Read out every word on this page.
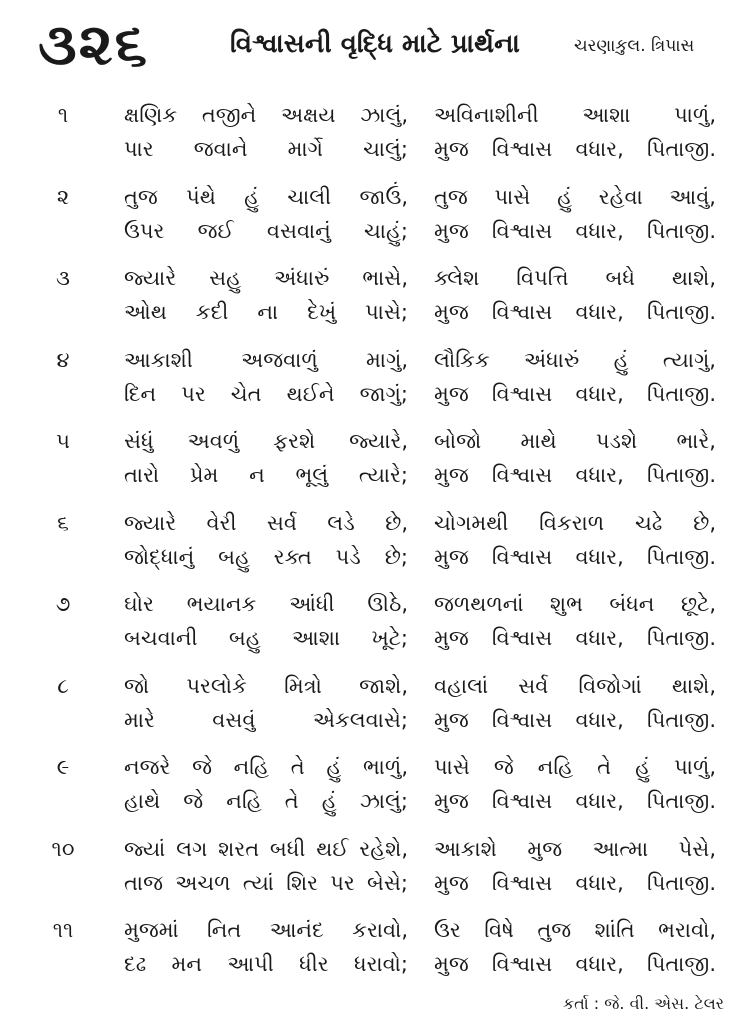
૩૨૬	વિશ્વાસની વૃદ્ધિ માટે પ્રાર્થના	ચરણાકુલ. ત્રિપાસ
૧	ક્ષણિક તજીને અક્ષય ઝાલું, અવિનાશીની આશા પાળું,
પાર જવાને માર્ગે ચાલું; મુજ વિશ્વાસ વધાર, પિતાજી.
૨	તુજ પંથે હું ચાલી જાઉં, તુજ પાસે હું રહેવા આવું,
ઉપર જઈ વસવાનું ચાહું; મુજ વિશ્વાસ વધાર, પિતાજી.
૩	જ્યારે સહુ અંધારું ભાસે, ક્લેશ વિપત્તિ બધે થાશે,
ઓથ કદી ના દેખું પાસે; મુજ વિશ્વાસ વધાર, પિતાજી.
૪	આકાશી અજવાળું માગું, લૌકિક અંધારું હું ત્યાગું,
દિન પર ચેત થઈને જાગું; મુજ વિશ્વાસ વધાર, પિતાજી.
૫	સંધું અવળું ફરશે જ્યારે, બોજો માથે પડશે ભારે,
તારો પ્રેમ ન ભૂલું ત્યારે; મુજ વિશ્વાસ વધાર, પિતાજી.
૬	જ્યારે વેરી સર્વ લડે છે, ચોગમથી વિકરાળ ચઢે છે,
જોદ્ધાનું બહુ રક્ત પડે છે; મુજ વિશ્વાસ વધાર, પિતાજી.
૭	ઘોર ભયાનક આંધી ઊઠે, જળથળનાં શુભ બંધન છૂટે,
બચવાની બહુ આશા ખૂટે; મુજ વિશ્વાસ વધાર, પિતાજી.
૮	જો પરલોકે મિત્રો જાશે, વહાલાં સર્વ વિજોગાં થાશે,
મારે વસવું એકલવાસે; મુજ વિશ્વાસ વધાર, પિતાજી.
૯	નજરે જે નહિ તે હું ભાળું, પાસે જે નહિ તે હું પાળું,
હાથે જે નહિ તે હું ઝાલું; મુજ વિશ્વાસ વધાર, પિતાજી.
૧૦	જ્યાં લગ શરત બધી થઈ રહેશે, આકાશે મુજ આત્મા પેસે,
તાજ અચળ ત્યાં શિર પર બેસે; મુજ વિશ્વાસ વધાર, પિતાજી.
૧૧	મુજમાં નિત આનંદ કરાવો, ઉર વિષે તુજ શાંતિ ભરાવો,
દઢ મન આપી ધીર ધરાવો; મુજ વિશ્વાસ વધાર, પિતાજી.
કર્તા : જે. વી. એસ. ટેલર
